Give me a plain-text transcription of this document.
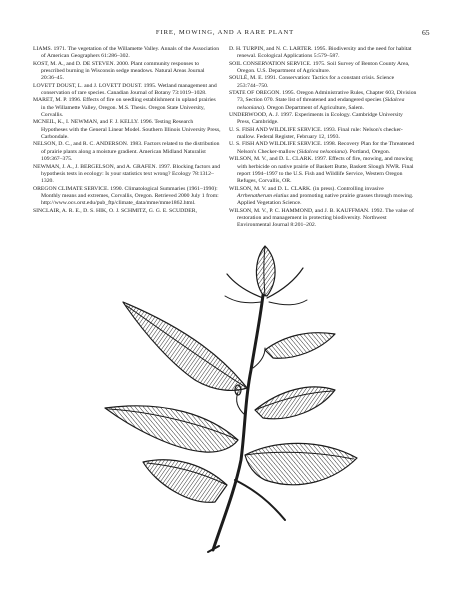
FIRE, MOWING, AND A RARE PLANT	65

LIAMS. 1971. The vegetation of the Willamette Valley. Annals of the Association of American Geographers 61:286–302.

KOST, M. A., and D. DE STEVEN. 2000. Plant community responses to prescribed burning in Wisconsin sedge meadows. Natural Areas Journal 20:36–45.

LOVETT DOUST, L. and J. LOVETT DOUST. 1995. Wetland management and conservation of rare species. Canadian Journal of Botany 73:1019–1028.

MARET, M. P. 1996. Effects of fire on seedling establishment in upland prairies in the Willamette Valley, Oregon. M.S. Thesis. Oregon State University, Corvallis.

MCNEIL, K., I. NEWMAN, and F. J. KELLY. 1996. Testing Research Hypotheses with the General Linear Model. Southern Illinois University Press, Carbondale.

NELSON, D. C., and R. C. ANDERSON. 1983. Factors related to the distribution of prairie plants along a moisture gradient. American Midland Naturalist 109:367–375.

NEWMAN, J. A., J. BERGELSON, and A. GRAFEN. 1997. Blocking factors and hypothesis tests in ecology: Is your statistics text wrong? Ecology 78:1312–1320.

OREGON CLIMATE SERVICE. 1990. Climatological Summaries (1961–1990): Monthly means and extremes, Corvallis, Oregon. Retrieved 2000 July 1 from: http://www.ocs.orst.edu/pub_ftp/climate_data/mme/mme1862.html.

SINCLAIR, A. R. E., D. S. HIK, O. J. SCHMITZ, G. G. E. SCUDDER,

D. H. TURPIN, and N. C. LARTER. 1995. Biodiversity and the need for habitat renewal. Ecological Applications 5:579–587.

SOIL CONSERVATION SERVICE. 1975. Soil Survey of Benton County Area, Oregon. U.S. Department of Agriculture.

SOULÉ, M. E. 1991. Conservation: Tactics for a constant crisis. Science 253:744–750.

STATE OF OREGON. 1995. Oregon Administrative Rules, Chapter 603, Division 73, Section 070. State list of threatened and endangered species (Sidalcea nelsoniana). Oregon Department of Agriculture, Salem.

UNDERWOOD, A. J. 1997. Experiments in Ecology. Cambridge University Press, Cambridge.

U. S. FISH AND WILDLIFE SERVICE. 1993. Final rule: Nelson's checker-mallow. Federal Register, February 12, 1993.

U. S. FISH AND WILDLIFE SERVICE. 1998. Recovery Plan for the Threatened Nelson's Checker-mallow (Sidalcea nelsoniana). Portland, Oregon.

WILSON, M. V., and D. L. CLARK. 1997. Effects of fire, mowing, and mowing with herbicide on native prairie of Baskett Butte, Baskett Slough NWR. Final report 1994–1997 to the U.S. Fish and Wildlife Service, Western Oregon Refuges, Corvallis, OR.

WILSON, M. V. and D. L. CLARK. (in press). Controlling invasive Arrhenatherum elatius and promoting native prairie grasses through mowing. Applied Vegetation Science.

WILSON, M. V., P. C. HAMMOND, and J. B. KAUFFMAN. 1992. The value of restoration and management in protecting biodiversity. Northwest Environmental Journal 8:201–202.
